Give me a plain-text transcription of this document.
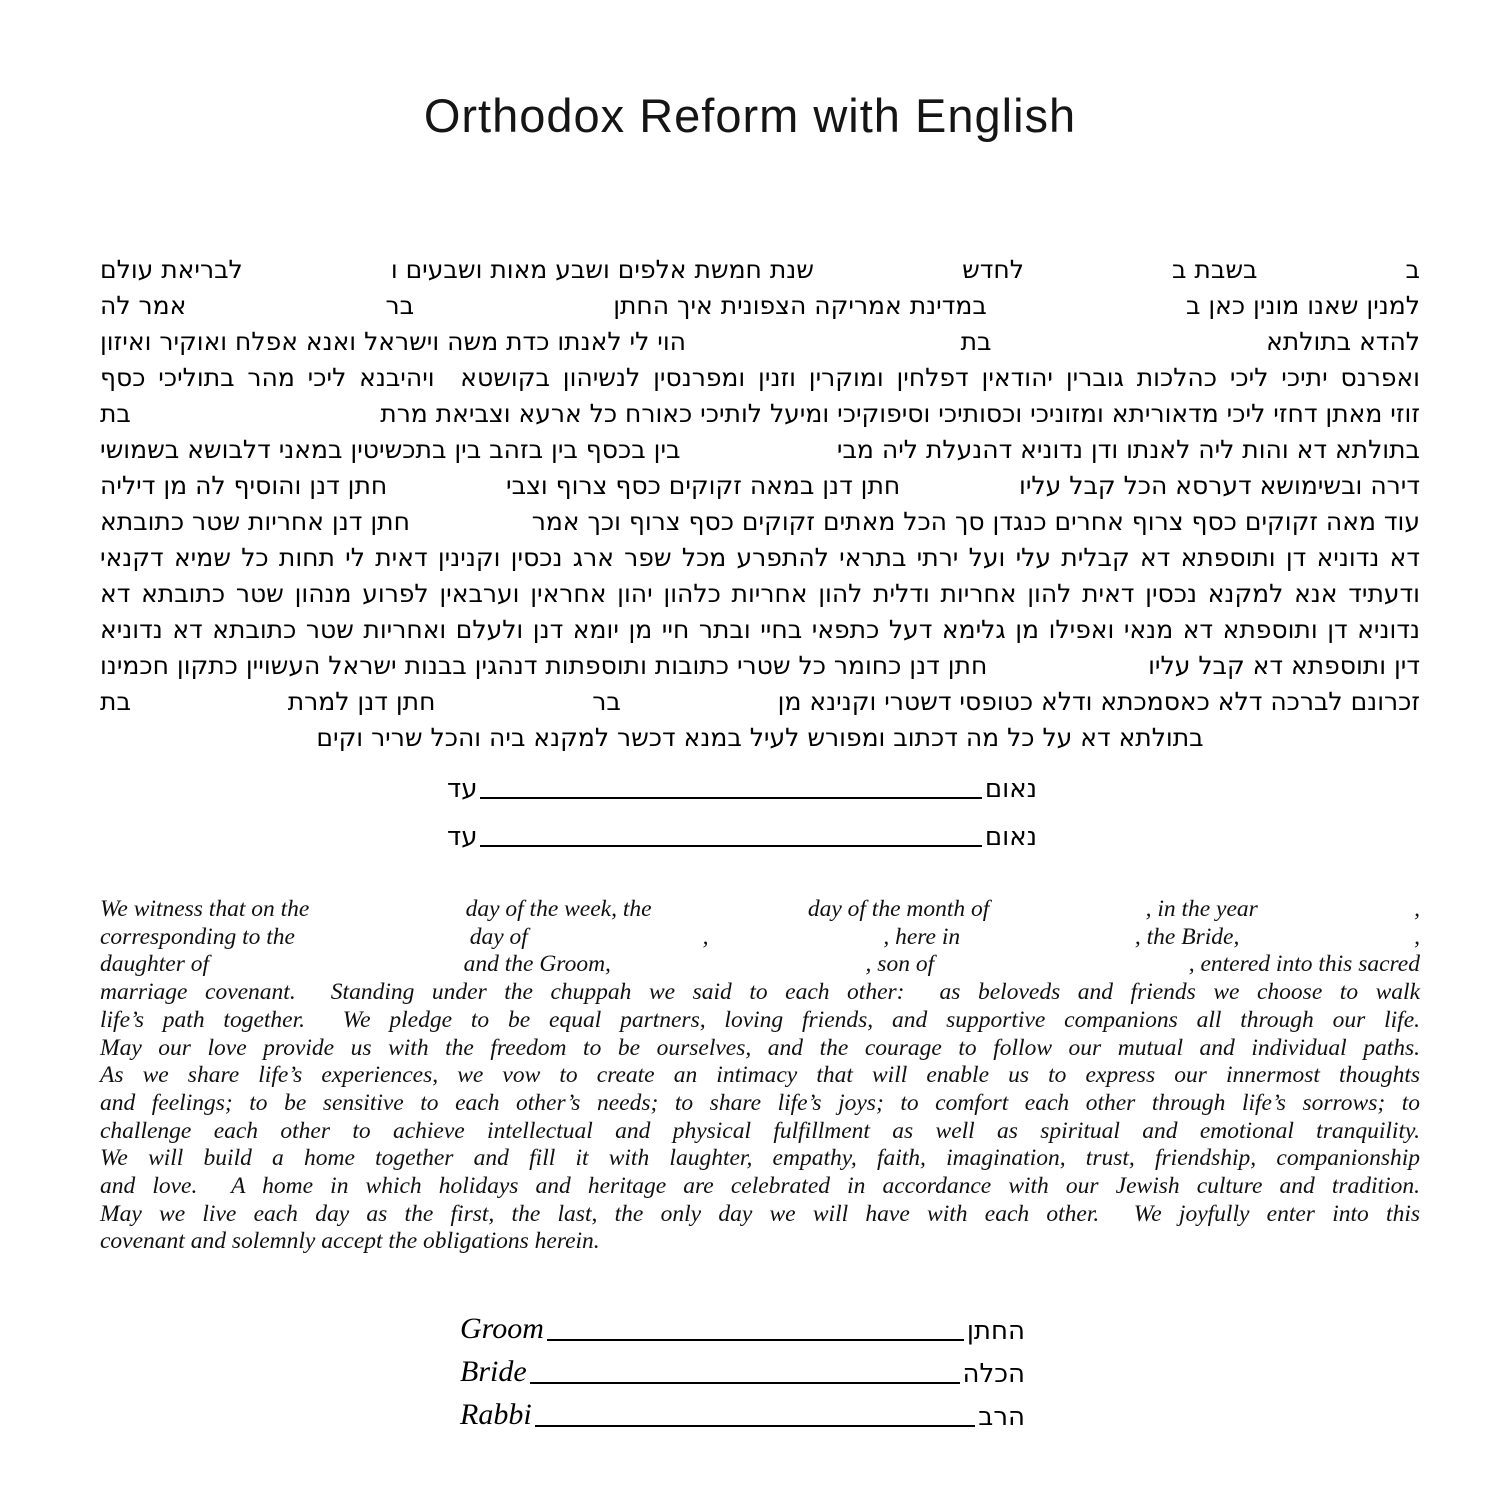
Orthodox Reform with English
ב
בשבת ב
לחדש
שנת חמשת אלפים ושבע מאות ושבעים ו
לבריאת עולם
למנין שאנו מונין כאן ב
במדינת אמריקה הצפונית איך החתן
בר
אמר לה
להדא בתולתא
בת
הוי לי לאנתו כדת משה וישראל ואנא אפלח ואוקיר ואיזון
ואפרנס יתיכי ליכי כהלכות גוברין יהודאין דפלחין ומוקרין וזנין ומפרנסין לנשיהון בקושטא  ויהיבנא ליכי מהר בתוליכי כסף
זוזי מאתן דחזי ליכי מדאוריתא ומזוניכי וכסותיכי וסיפוקיכי ומיעל לותיכי כאורח כל ארעא וצביאת מרת
בת
בתולתא דא והות ליה לאנתו ודן נדוניא דהנעלת ליה מבי
בין בכסף בין בזהב בין בתכשיטין במאני דלבושא בשמושי
דירה ובשימושא דערסא הכל קבל עליו
חתן דנן במאה זקוקים כסף צרוף וצבי
חתן דנן והוסיף לה מן דיליה
עוד מאה זקוקים כסף צרוף אחרים כנגדן סך הכל מאתים זקוקים כסף צרוף וכך אמר
חתן דנן אחריות שטר כתובתא
דא נדוניא דן ותוספתא דא קבלית עלי ועל ירתי בתראי להתפרע מכל שפר ארג נכסין וקנינין דאית לי תחות כל שמיא דקנאי
ודעתיד אנא למקנא נכסין דאית להון אחריות ודלית להון אחריות כלהון יהון אחראין וערבאין לפרוע מנהון שטר כתובתא דא
נדוניא דן ותוספתא דא מנאי ואפילו מן גלימא דעל כתפאי בחיי ובתר חיי מן יומא דנן ולעלם ואחריות שטר כתובתא דא נדוניא
דין ותוספתא דא קבל עליו
חתן דנן כחומר כל שטרי כתובות ותוספתות דנהגין בבנות ישראל העשויין כתקון חכמינו
זכרונם לברכה דלא כאסמכתא ודלא כטופסי דשטרי וקנינא מן
בר
חתן דנן למרת
בת
בתולתא דא על כל מה דכתוב ומפורש לעיל במנא דכשר למקנא ביה והכל שריר וקים
נאום
עד
נאום
עד
We witness that on the	day of the week, the	day of the month of	, in the year	,
corresponding to the	day of	,	, here in	, the Bride,	,
daughter of	and the Groom,	, son of	, entered into this sacred
marriage covenant.  Standing under the chuppah we said to each other:  as beloveds and friends we choose to walk
life’s path together.  We pledge to be equal partners, loving friends, and supportive companions all through our life.
May our love provide us with the freedom to be ourselves, and the courage to follow our mutual and individual paths.
As we share life’s experiences, we vow to create an intimacy that will enable us to express our innermost thoughts
and feelings; to be sensitive to each other’s needs; to share life’s joys; to comfort each other through life’s sorrows; to
challenge each other to achieve intellectual and physical fulfillment as well as spiritual and emotional tranquility.
We will build a home together and fill it with laughter, empathy, faith, imagination, trust, friendship, companionship
and love.  A home in which holidays and heritage are celebrated in accordance with our Jewish culture and tradition.
May we live each day as the first, the last, the only day we will have with each other.  We joyfully enter into this
covenant and solemnly accept the obligations herein.
Groom	החתן
Bride	הכלה
Rabbi	הרב
